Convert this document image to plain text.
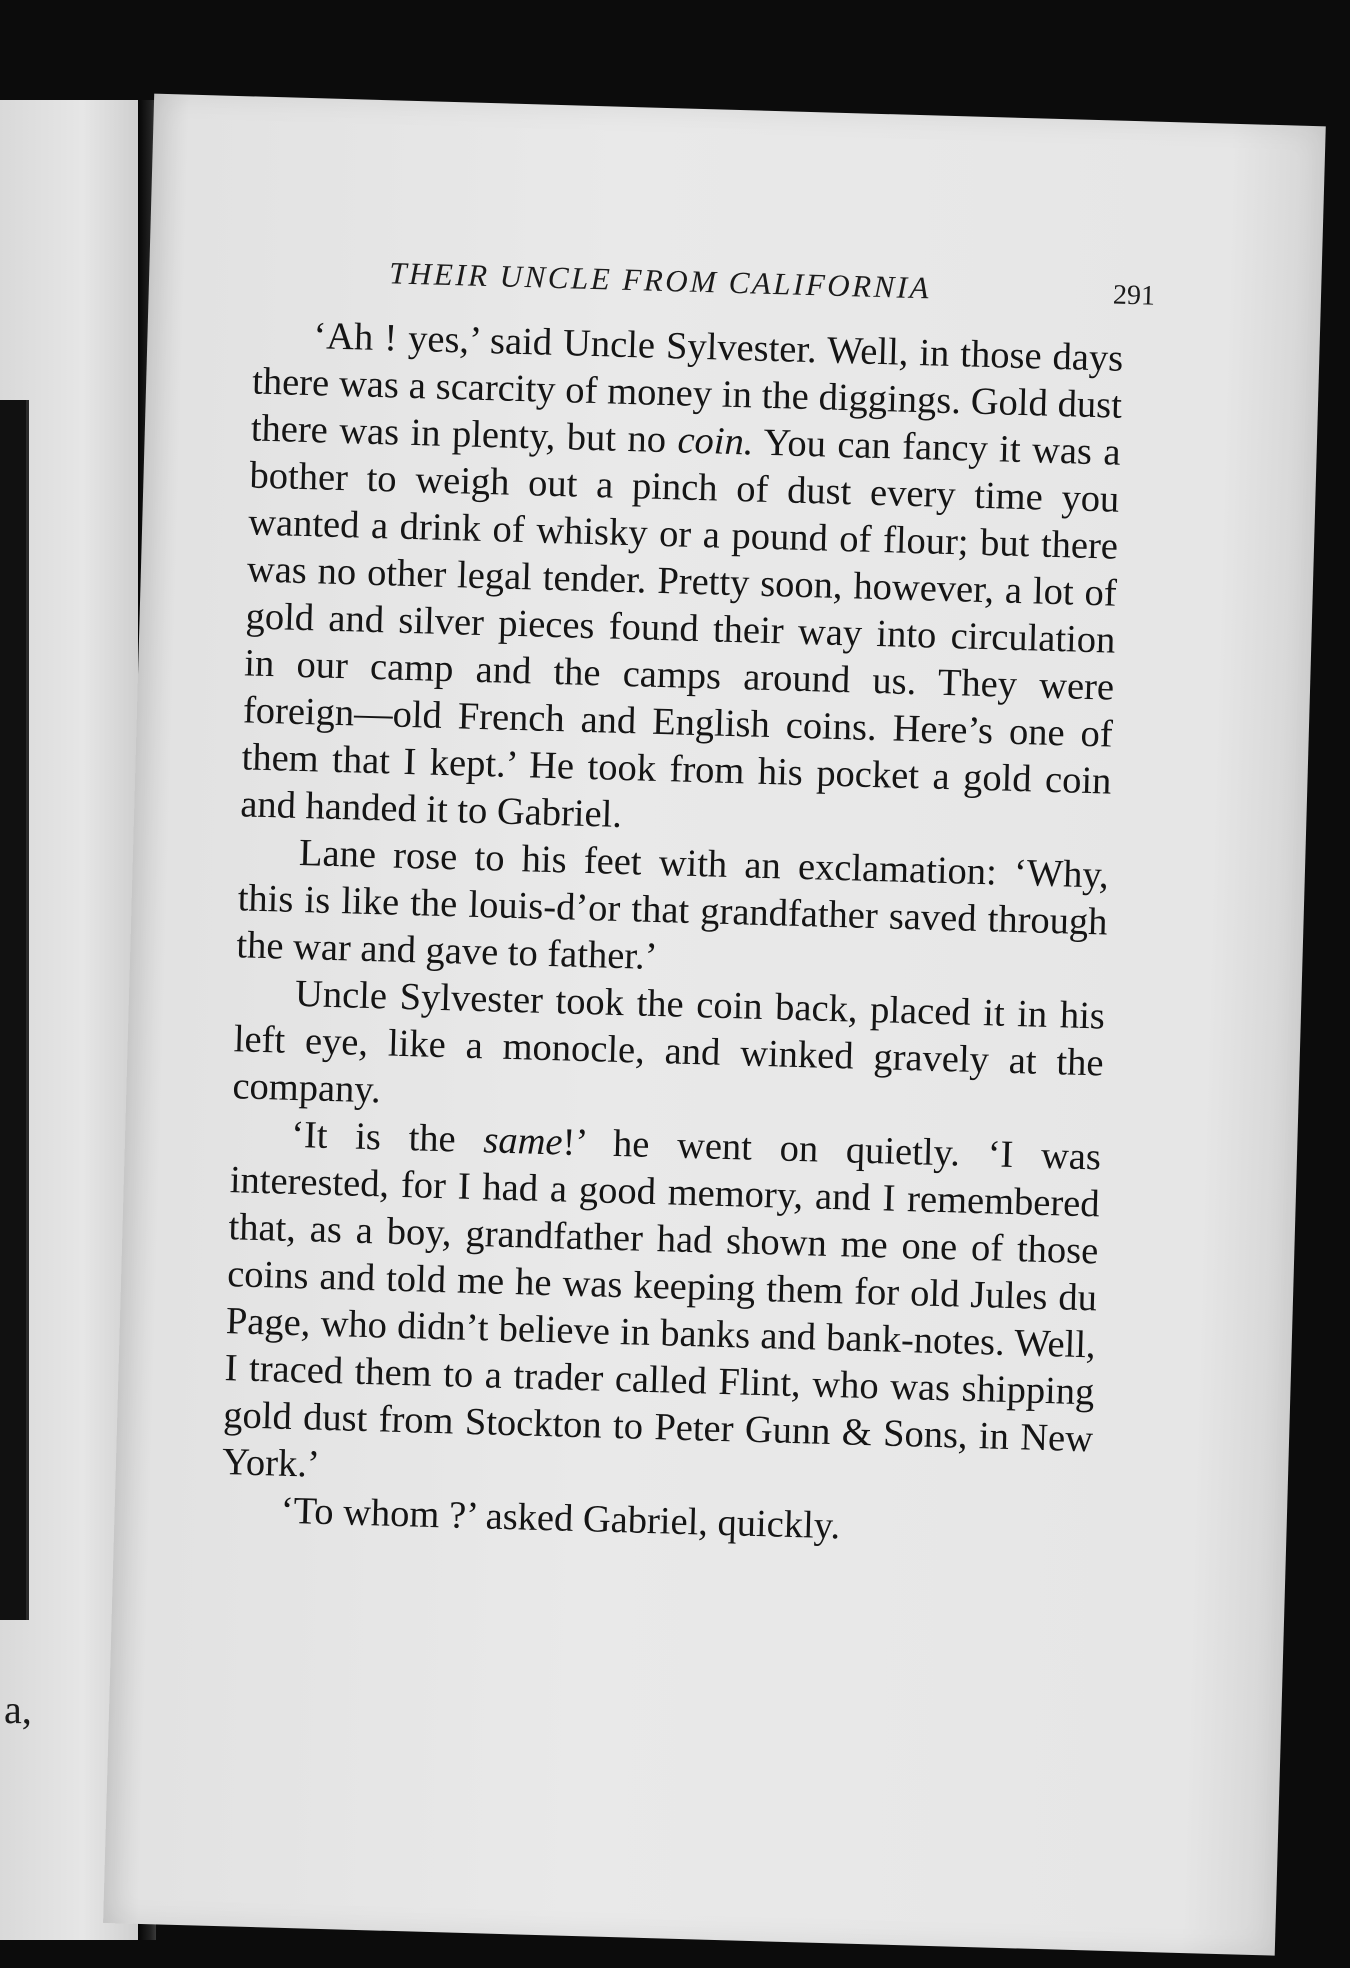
a,
THEIR UNCLE FROM CALIFORNIA	291

‘Ah ! yes,’ said Uncle Sylvester. Well, in those days there was a scarcity of money in the diggings. Gold dust there was in plenty, but no coin. You can fancy it was a bother to weigh out a pinch of dust every time you wanted a drink of whisky or a pound of flour; but there was no other legal tender. Pretty soon, however, a lot of gold and silver pieces found their way into circulation in our camp and the camps around us. They were foreign—old French and English coins. Here’s one of them that I kept.’ He took from his pocket a gold coin and handed it to Gabriel.

Lane rose to his feet with an exclamation: ‘Why, this is like the louis-d’or that grandfather saved through the war and gave to father.’

Uncle Sylvester took the coin back, placed it in his left eye, like a monocle, and winked gravely at the company.

‘It is the same!’ he went on quietly. ‘I was interested, for I had a good memory, and I remembered that, as a boy, grandfather had shown me one of those coins and told me he was keeping them for old Jules du Page, who didn’t believe in banks and bank-notes. Well, I traced them to a trader called Flint, who was shipping gold dust from Stockton to Peter Gunn & Sons, in New York.’

‘To whom ?’ asked Gabriel, quickly.
